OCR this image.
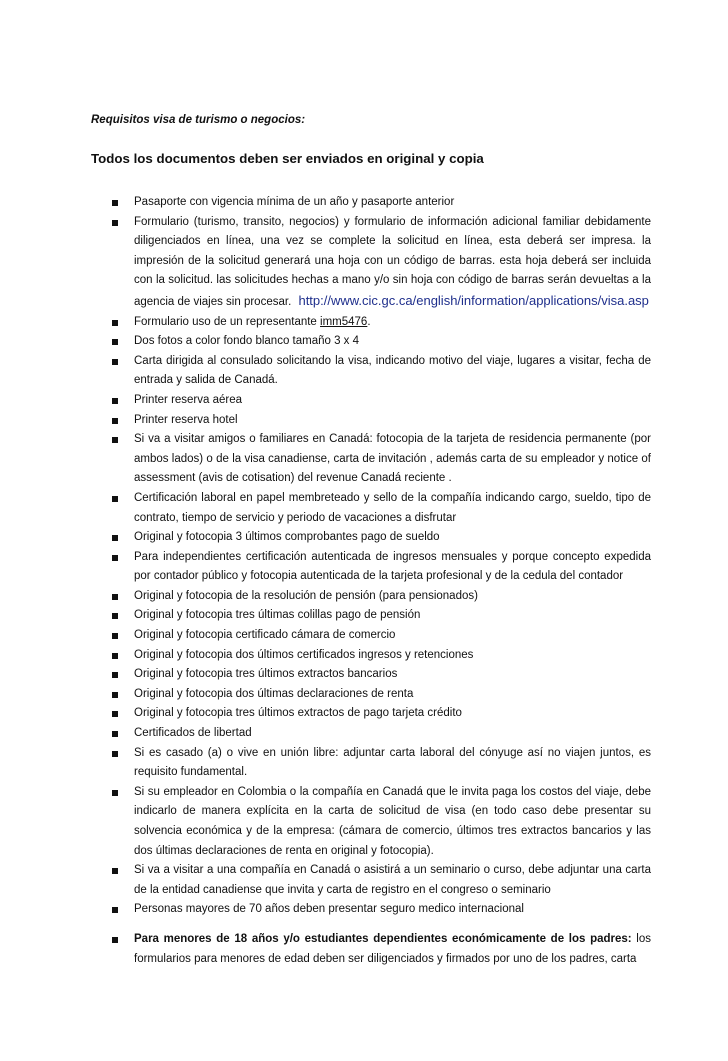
Requisitos visa de turismo o negocios:
Todos los documentos deben ser enviados en original y copia
Pasaporte con vigencia mínima de un año y pasaporte anterior
Formulario (turismo, transito, negocios) y formulario de información adicional familiar debidamente diligenciados en línea, una vez se complete la solicitud en línea, esta deberá ser impresa. la impresión de la solicitud generará una hoja con un código de barras. esta hoja deberá ser incluida con la solicitud. las solicitudes hechas a mano y/o sin hoja con código de barras serán devueltas a la agencia de viajes sin procesar. http://www.cic.gc.ca/english/information/applications/visa.asp
Formulario uso de un representante imm5476.
Dos fotos a color fondo blanco tamaño 3 x 4
Carta dirigida al consulado solicitando la visa, indicando motivo del viaje, lugares a visitar, fecha de entrada y salida de Canadá.
Printer reserva aérea
Printer reserva hotel
Si va a visitar amigos o familiares en Canadá: fotocopia de la tarjeta de residencia permanente (por ambos lados) o de la visa canadiense, carta de invitación , además carta de su empleador y notice of assessment (avis de cotisation) del revenue Canadá reciente .
Certificación laboral en papel membreteado y sello de la compañía indicando cargo, sueldo, tipo de contrato, tiempo de servicio y periodo de vacaciones a disfrutar
Original y fotocopia 3 últimos comprobantes pago de sueldo
Para independientes certificación autenticada de ingresos mensuales y porque concepto expedida por contador público y fotocopia autenticada de la tarjeta profesional y de la cedula del contador
Original y fotocopia de la resolución de pensión (para pensionados)
Original y fotocopia tres últimas colillas pago de pensión
Original y fotocopia certificado cámara de comercio
Original y fotocopia dos últimos certificados ingresos y retenciones
Original y fotocopia tres últimos extractos bancarios
Original y fotocopia dos últimas declaraciones de renta
Original y fotocopia tres últimos extractos de pago tarjeta crédito
Certificados de libertad
Si es casado (a) o vive en unión libre: adjuntar carta laboral del cónyuge así no viajen juntos, es requisito fundamental.
Si su empleador en Colombia o la compañía en Canadá que le invita paga los costos del viaje, debe indicarlo de manera explícita en la carta de solicitud de visa (en todo caso debe presentar su solvencia económica y de la empresa: (cámara de comercio, últimos tres extractos bancarios y las dos últimas declaraciones de renta en original y fotocopia).
Si va a visitar a una compañía en Canadá o asistirá a un seminario o curso, debe adjuntar una carta de la entidad canadiense que invita y carta de registro en el congreso o seminario
Personas mayores de 70 años deben presentar seguro medico internacional
Para menores de 18 años y/o estudiantes dependientes económicamente de los padres: los formularios para menores de edad deben ser diligenciados y firmados por uno de los padres, carta
